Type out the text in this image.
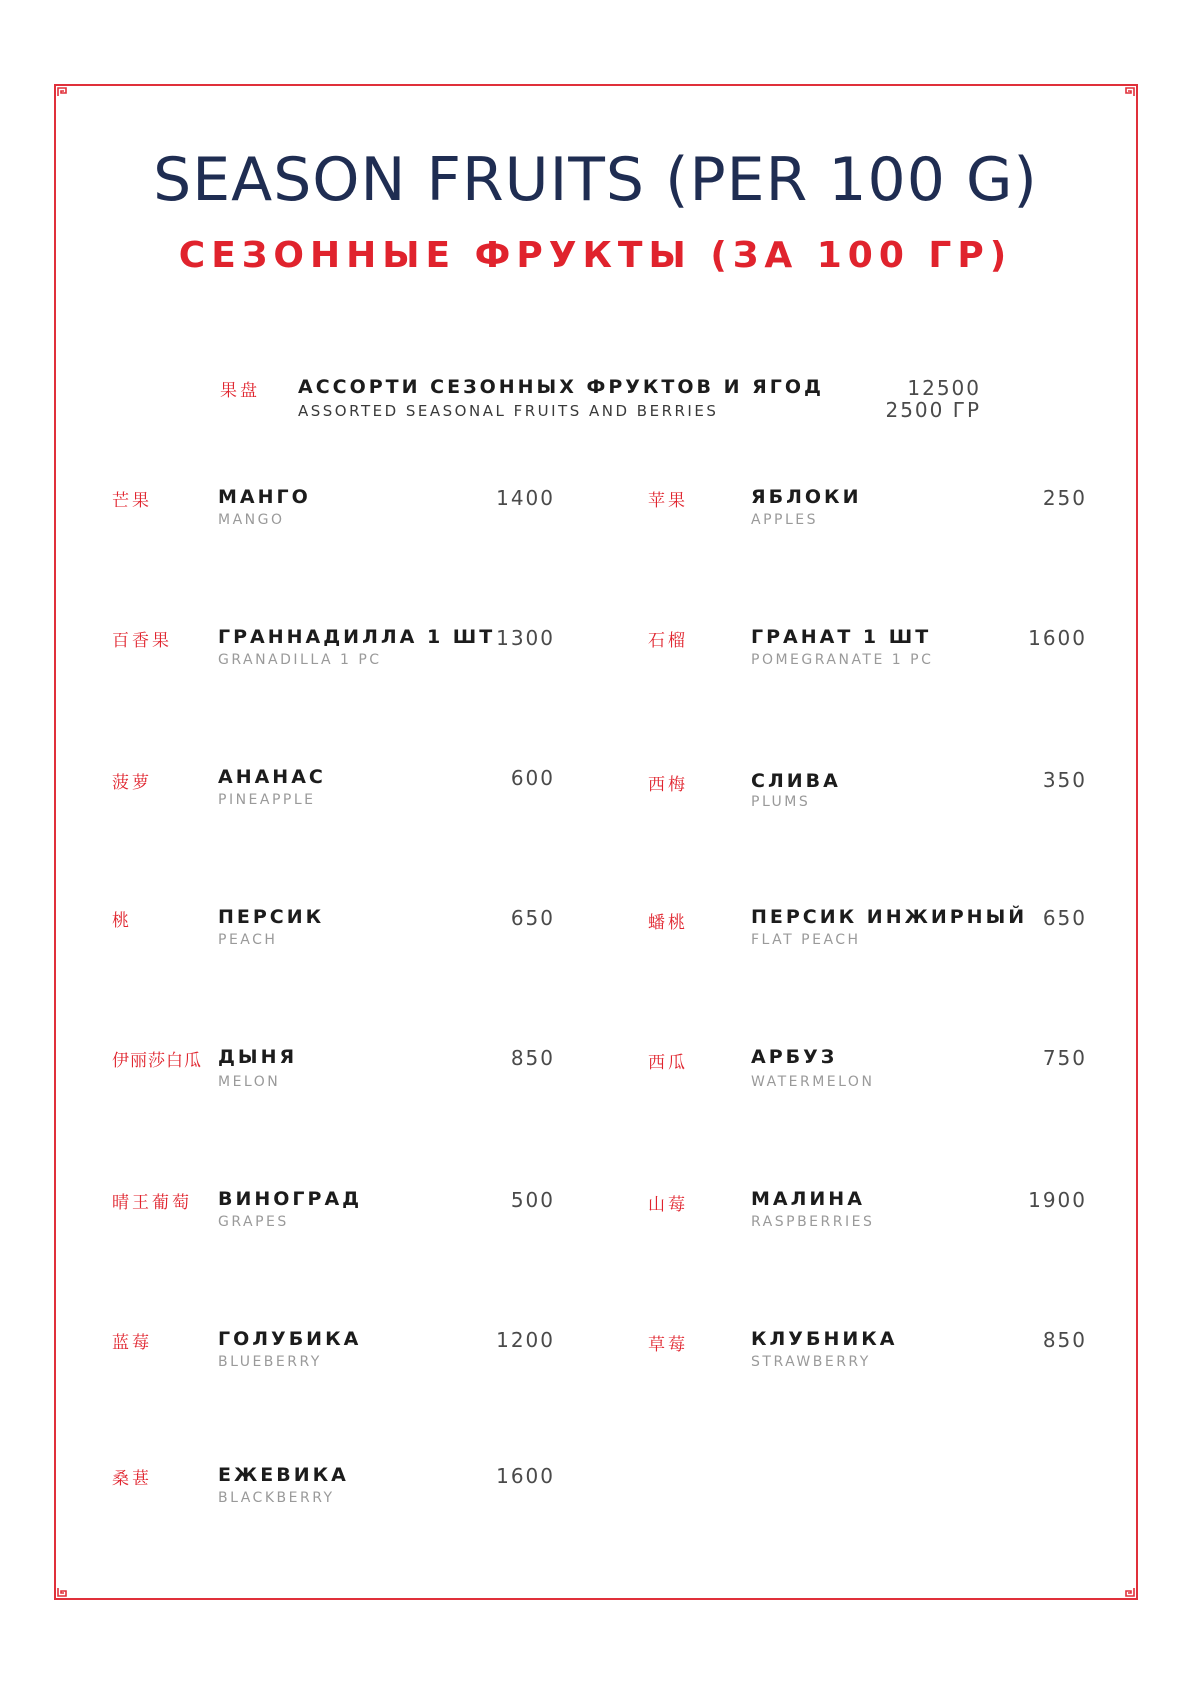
SEASON FRUITS (PER 100 G)
СЕЗОННЫЕ ФРУКТЫ (ЗА 100 ГР)
果盘 АССОРТИ СЕЗОННЫХ ФРУКТОВ И ЯГОД
ASSORTED SEASONAL FRUITS AND BERRIES
12500
2500 ГР
芒果	МАНГО
MANGO
1400
百香果 ГРАННАДИЛЛА 1 ШТ
GRANADILLA 1 PC
1300
菠萝	АНАНАС
PINEAPPLE
600
桃	ПЕРСИК
PEACH
650
伊丽莎白瓜 ДЫНЯ
MELON
850
晴王葡萄 ВИНОГРАД
GRAPES
500
蓝莓	ГОЛУБИКА
BLUEBERRY
1200
桑葚	ЕЖЕВИКА
BLACKBERRY
1600
苹果	ЯБЛОКИ
APPLES
250
石榴	ГРАНАТ 1 ШТ
POMEGRANATE 1 PC
1600
西梅	СЛИВА
PLUMS
350
蟠桃	ПЕРСИК ИНЖИРНЫЙ
FLAT PEACH
650
西瓜	АРБУЗ
WATERMELON
750
山莓	МАЛИНА
RASPBERRIES
1900
草莓	КЛУБНИКА
STRAWBERRY
850
